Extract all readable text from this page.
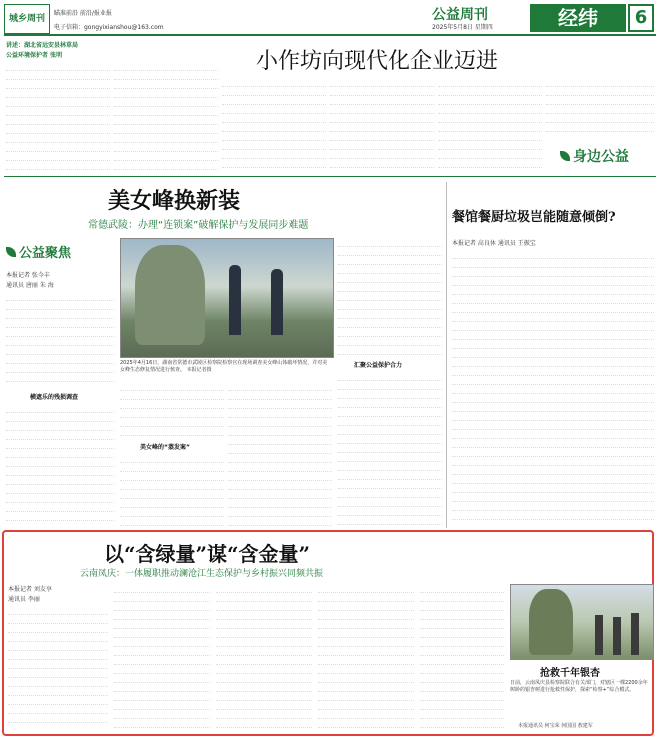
城乡周刊
瞄准前沿 前沿/报业报
电子信箱：gongyixianshou@163.com
公益周刊
2025年5月8日 星期四	经纬	6
讲述：湖北省远安县林草局
公益环境保护者 张明	小作坊向现代化企业迈进
身边公益
美女峰换新装
常德武陵：办理“连锁案”破解保护与发展同步难题
公益聚焦
本报记者 张今丰
通讯员 唐丽 朱 海
横遮乐的残损调查
2025年4月16日，湖南省常德市武陵区检察院检察官在现场调查美女峰山体破坏情况，并对美女峰生态修复情况进行核查。 本报记者摄
美女峰的“蒸发案”
汇聚公益保护合力
餐馆餐厨垃圾岂能随意倾倒?
本报记者 高良休 通讯员 王振宝
以“含绿量”谋“含金量”
云南凤庆：一体履职推动澜沧江生态保护与乡村振兴同频共振
本报记者 刘友享
通讯员 李丽
抢救千年银杏
日前，云南凤庆县检察院联合有关部门，对辖区一棵2200余年树龄的银杏树进行抢救性保护，探索“检察+”综合模式。
本报通讯员 何宝荣 何国国 敖建军
